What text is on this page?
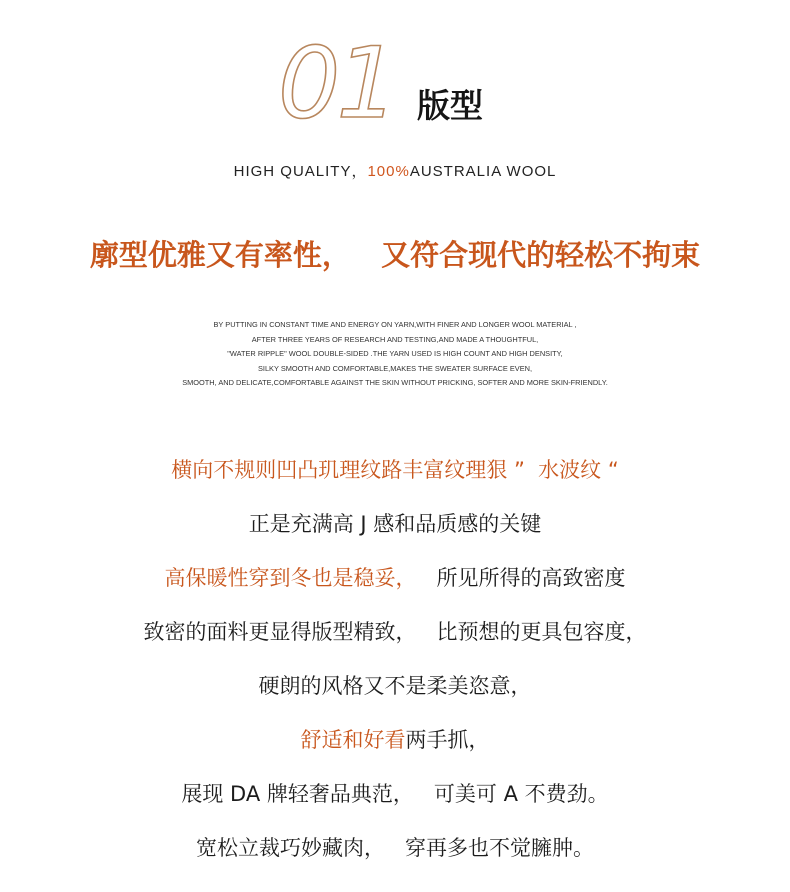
01 版型
HIGH QUALITY，100%AUSTRALIA WOOL
廓型优雅又有率性，   又符合现代的轻松不拘束
BY PUTTING IN CONSTANT TIME AND ENERGY ON YARN,WITH FINER AND LONGER WOOL MATERIAL ,
AFTER THREE YEARS OF RESEARCH AND TESTING,AND MADE A THOUGHTFUL,
"WATER RIPPLE" WOOL DOUBLE-SIDED .THE YARN USED IS HIGH COUNT AND HIGH DENSITY,
SILKY SMOOTH AND COMFORTABLE,MAKES THE SWEATER SURFACE EVEN,
SMOOTH, AND DELICATE,COMFORTABLE AGAINST THE SKIN WITHOUT PRICKING, SOFTER AND MORE SKIN-FRIENDLY.
横向不规则凹凸玑理纹路丰富纹理狠 ”  水波纹 “
正是充满高 J 感和品质感的关键
高保暖性穿到冬也是稳妥，   所见所得的高致密度
致密的面料更显得版型精致，   比预想的更具包容度，
硬朗的风格又不是柔美恣意，
舒适和好看两手抓，
展现 DA 牌轻奢品典范，   可美可 A 不费劲。
宽松立裁巧妙藏肉，   穿再多也不觉臃肿。
